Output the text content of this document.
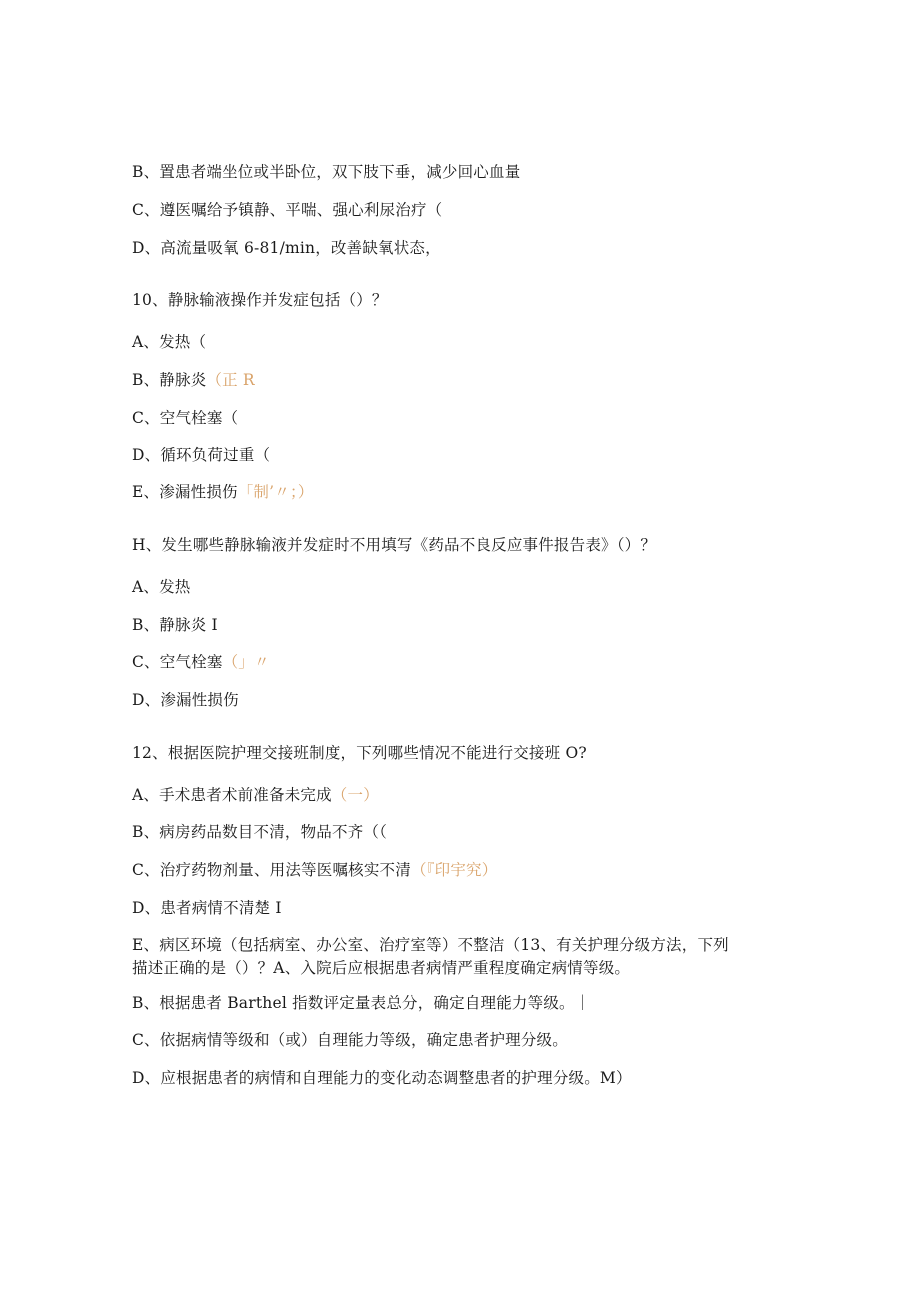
B、置患者端坐位或半卧位，双下肢下垂，减少回心血量
C、遵医嘱给予镇静、平喘、强心利尿治疗（
D、高流量吸氧 6-81/min，改善缺氧状态，
10、静脉输液操作并发症包括（）？
A、发热（
B、静脉炎（正 R
C、空气栓塞（
D、循环负荷过重（
E、渗漏性损伤「制’〃；）
H、发生哪些静脉输液并发症时不用填写《药品不良反应事件报告表》（）？
A、发热
B、静脉炎 I
C、空气栓塞（」〃
D、渗漏性损伤
12、根据医院护理交接班制度，下列哪些情况不能进行交接班 O?
A、手术患者术前准备未完成（一）
B、病房药品数目不清，物品不齐（（
C、治疗药物剂量、用法等医嘱核实不清（『印宇究）
D、患者病情不清楚 I
E、病区环境（包括病室、办公室、治疗室等）不整洁（13、有关护理分级方法，下列
描述正确的是（）？A、入院后应根据患者病情严重程度确定病情等级。
B、根据患者 Barthel 指数评定量表总分，确定自理能力等级。｜
C、依据病情等级和（或）自理能力等级，确定患者护理分级。
D、应根据患者的病情和自理能力的变化动态调整患者的护理分级。M）
